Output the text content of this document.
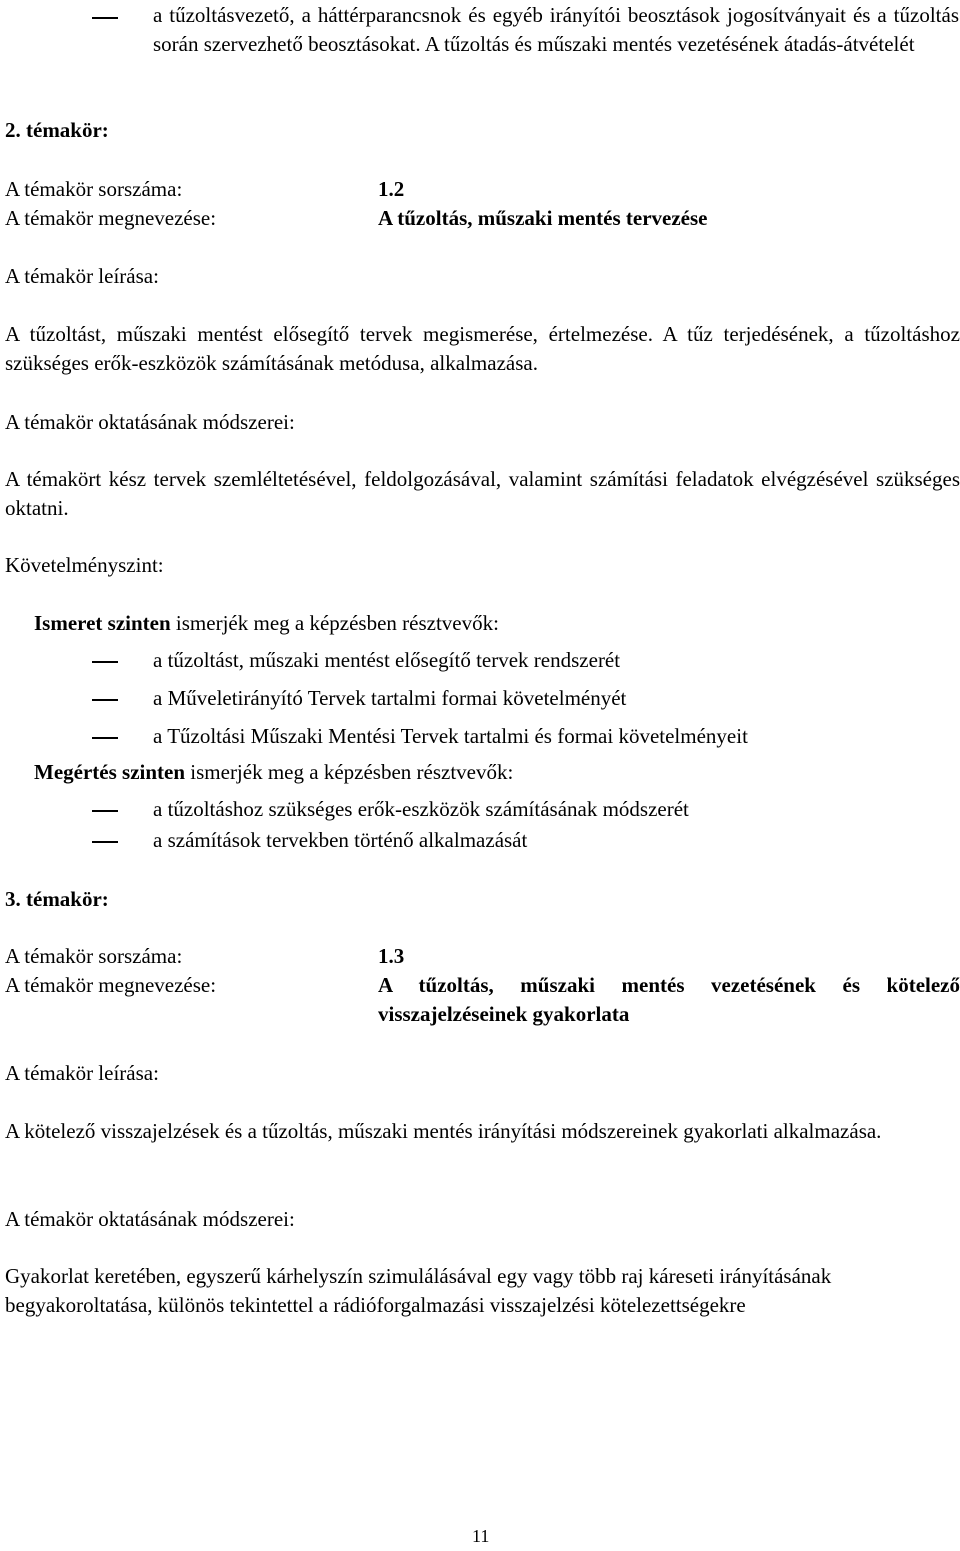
a tűzoltásvezető, a háttérparancsnok és egyéb irányítói beosztások jogosítványait és a tűzoltás során szervezhető beosztásokat. A tűzoltás és műszaki mentés vezetésének átadás-átvételét
2. témakör:
A témakör sorszáma:	1.2
A témakör megnevezése:	A tűzoltás, műszaki mentés tervezése
A témakör leírása:
A tűzoltást, műszaki mentést elősegítő tervek megismerése, értelmezése. A tűz terjedésének, a tűzoltáshoz szükséges erők-eszközök számításának metódusa, alkalmazása.
A témakör oktatásának módszerei:
A témakört kész tervek szemléltetésével, feldolgozásával, valamint számítási feladatok elvégzésével szükséges oktatni.
Követelményszint:
Ismeret szinten ismerjék meg a képzésben résztvevők:
a tűzoltást, műszaki mentést elősegítő tervek rendszerét
a Műveletirányító Tervek tartalmi formai követelményét
a Tűzoltási Műszaki Mentési Tervek tartalmi és formai követelményeit
Megértés szinten ismerjék meg a képzésben résztvevők:
a tűzoltáshoz szükséges erők-eszközök számításának módszerét
a számítások tervekben történő alkalmazását
3. témakör:
A témakör sorszáma:	1.3
A témakör megnevezése:	A tűzoltás, műszaki mentés vezetésének és kötelező visszajelzéseinek gyakorlata
A témakör leírása:
A kötelező visszajelzések és a tűzoltás, műszaki mentés irányítási módszereinek gyakorlati alkalmazása.
A témakör oktatásának módszerei:
Gyakorlat keretében, egyszerű kárhelyszín szimulálásával egy vagy több raj káreseti irányításának begyakoroltatása, különös tekintettel a rádióforgalmazási visszajelzési kötelezettségekre
11
